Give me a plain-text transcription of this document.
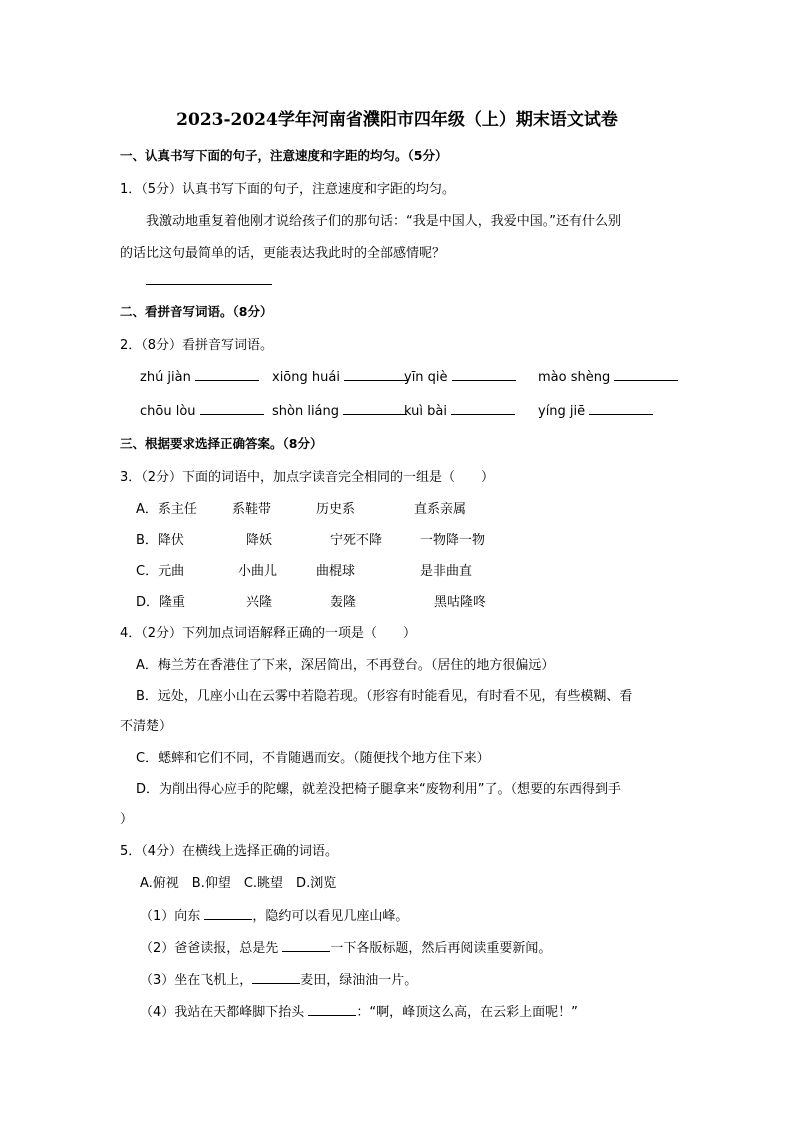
2023-2024学年河南省濮阳市四年级（上）期末语文试卷
一、认真书写下面的句子，注意速度和字距的均匀。（5分）
1．（5分）认真书写下面的句子，注意速度和字距的均匀。
我激动地重复着他刚才说给孩子们的那句话：“我是中国人，我爱中国。”还有什么别
的话比这句最简单的话，更能表达我此时的全部感情呢？
二、看拼音写词语。（8分）
2．（8分）看拼音写词语。
zhú jiàn	xiōng huái	yīn qiè	mào shèng
chōu lòu	shòn liáng	kuì bài	yíng jiē
三、根据要求选择正确答案。（8分）
3．（2分）下面的词语中，加点字读音完全相同的一组是（　　）
A．系主任	系鞋带	历史系	直系亲属
B．降伏	降妖	宁死不降	一物降一物
C．元曲	小曲儿	曲棍球	是非曲直
D．隆重	兴隆	轰隆	黑咕隆咚
4．（2分）下列加点词语解释正确的一项是（　　）
A．梅兰芳在香港住了下来，深居简出，不再登台。（居住的地方很偏远）
B．远处，几座小山在云雾中若隐若现。（形容有时能看见，有时看不见，有些模糊、看
不清楚）
C．蟋蟀和它们不同，不肯随遇而安。（随便找个地方住下来）
D．为削出得心应手的陀螺，就差没把椅子腿拿来“废物利用”了。（想要的东西得到手
）
5．（4分）在横线上选择正确的词语。
A.俯视　B.仰望　C.眺望　D.浏览
（1）向东	，隐约可以看见几座山峰。
（2）爸爸读报，总是先	一下各版标题，然后再阅读重要新闻。
（3）坐在飞机上，	麦田，绿油油一片。
（4）我站在天都峰脚下抬头	：“啊，峰顶这么高，在云彩上面呢！”
